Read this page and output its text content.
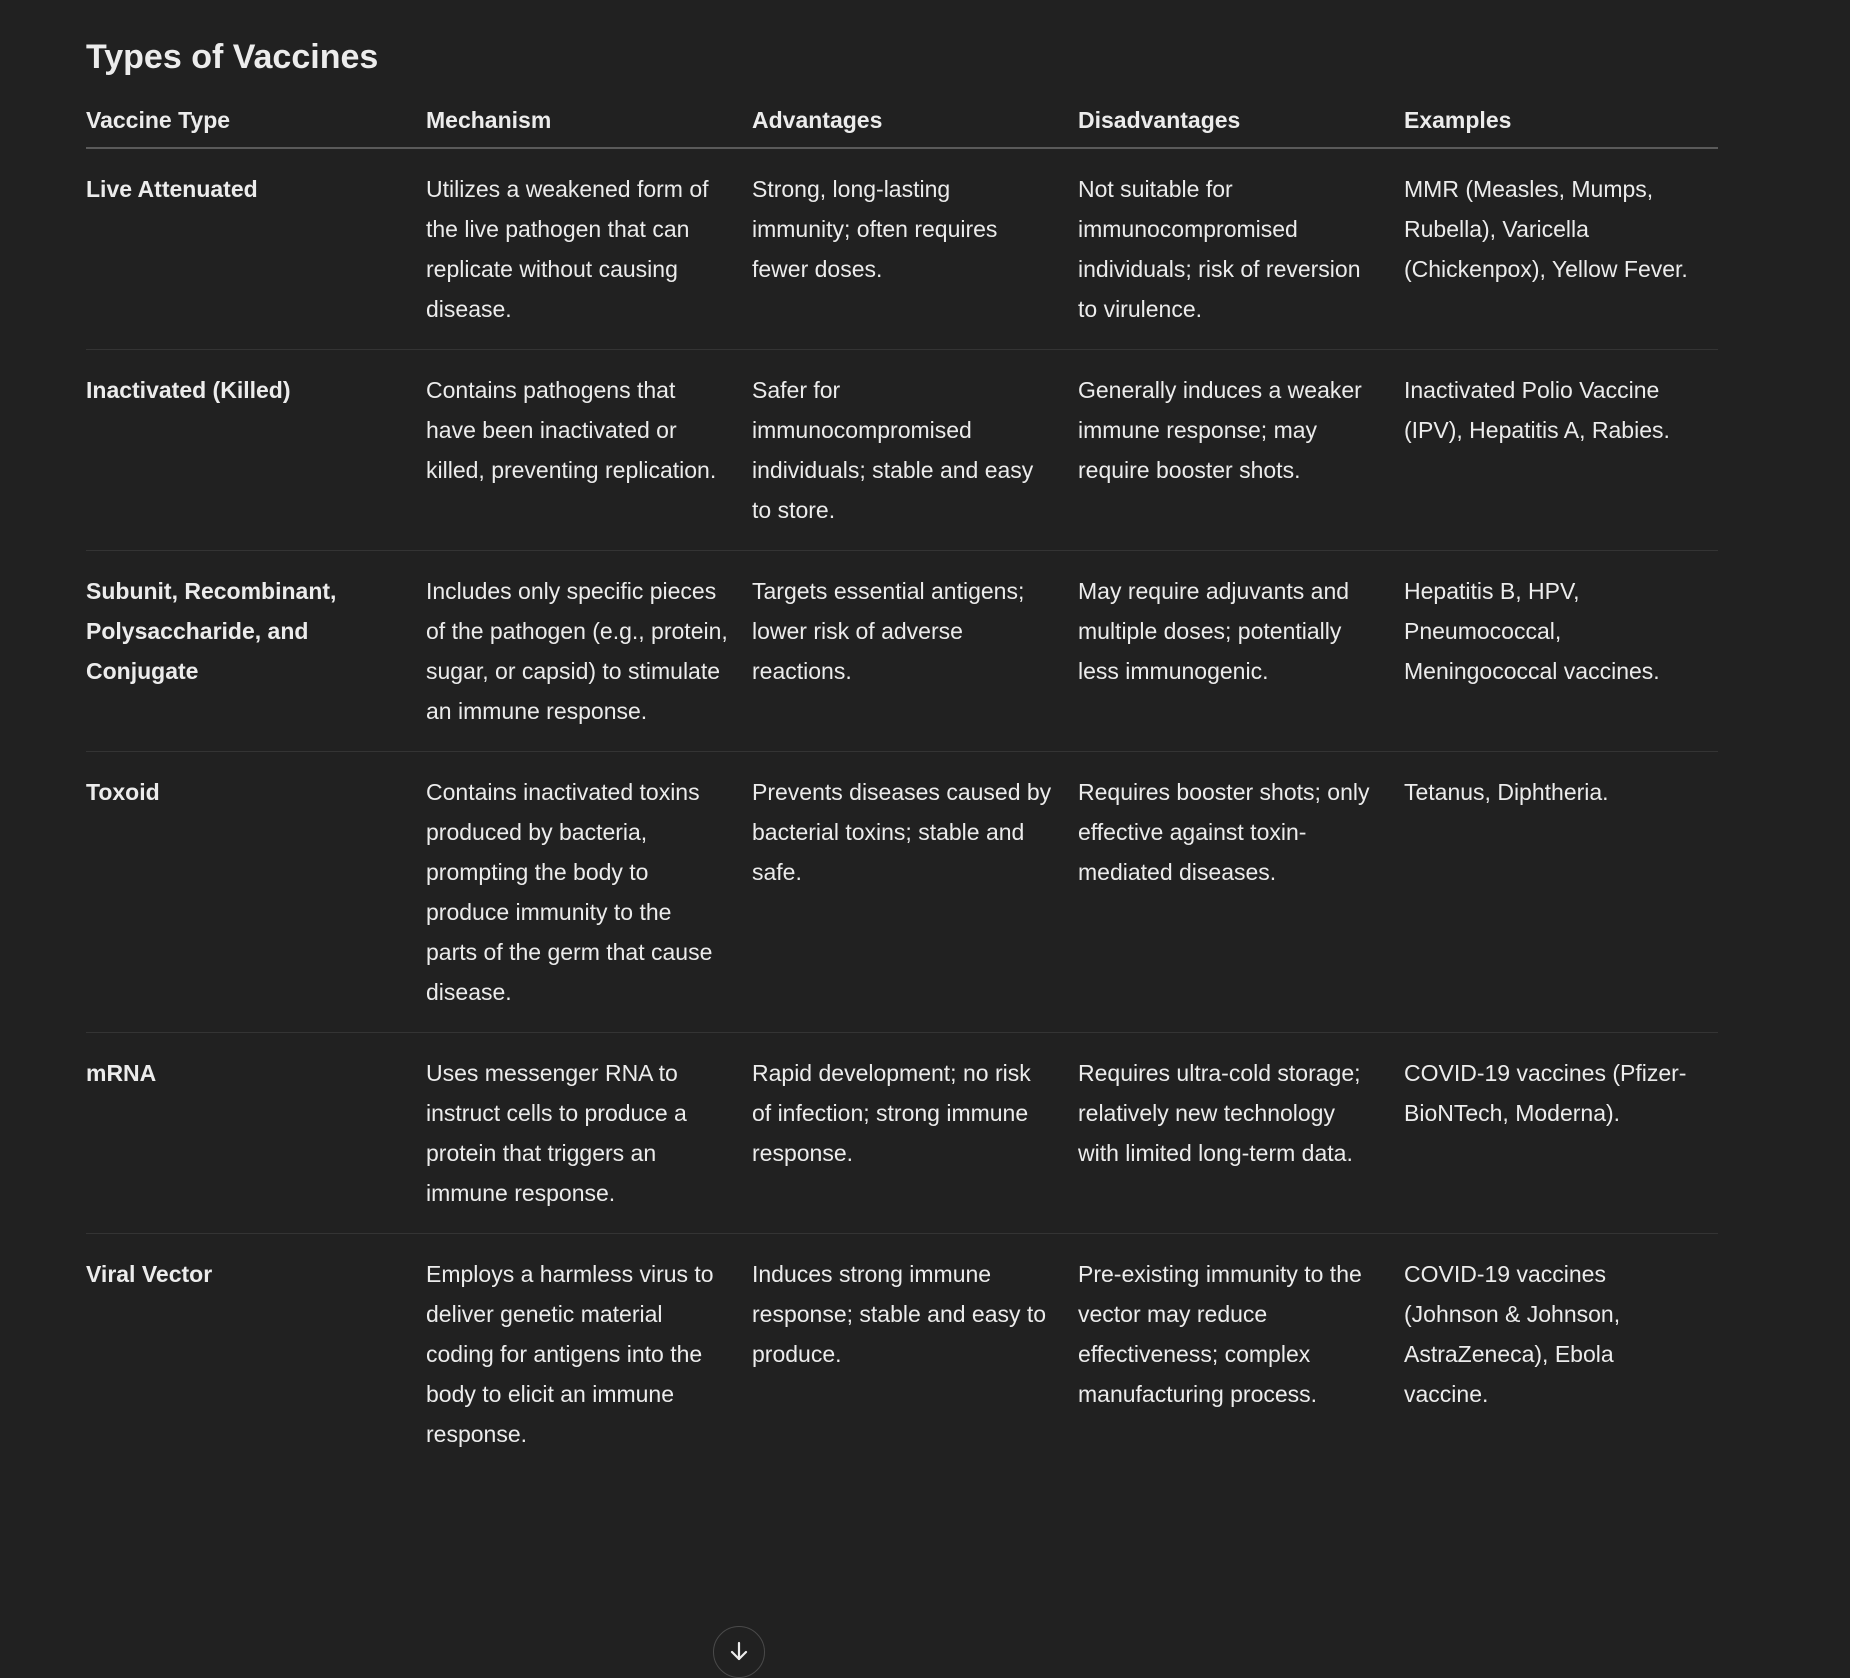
Types of Vaccines
Vaccine Type	Mechanism	Advantages	Disadvantages	Examples
Live Attenuated	Utilizes a weakened form of the live pathogen that can replicate without causing disease.	Strong, long-lasting immunity; often requires fewer doses.	Not suitable for immunocompromised individuals; risk of reversion to virulence.	MMR (Measles, Mumps, Rubella), Varicella (Chickenpox), Yellow Fever.
Inactivated (Killed)	Contains pathogens that have been inactivated or killed, preventing replication.	Safer for immunocompromised individuals; stable and easy to store.	Generally induces a weaker immune response; may require booster shots.	Inactivated Polio Vaccine (IPV), Hepatitis A, Rabies.
Subunit, Recombinant, Polysaccharide, and Conjugate	Includes only specific pieces of the pathogen (e.g., protein, sugar, or capsid) to stimulate an immune response.	Targets essential antigens; lower risk of adverse reactions.	May require adjuvants and multiple doses; potentially less immunogenic.	Hepatitis B, HPV, Pneumococcal, Meningococcal vaccines.
Toxoid	Contains inactivated toxins produced by bacteria, prompting the body to produce immunity to the parts of the germ that cause disease.	Prevents diseases caused by bacterial toxins; stable and safe.	Requires booster shots; only effective against toxin-mediated diseases.	Tetanus, Diphtheria.
mRNA	Uses messenger RNA to instruct cells to produce a protein that triggers an immune response.	Rapid development; no risk of infection; strong immune response.	Requires ultra-cold storage; relatively new technology with limited long-term data.	COVID-19 vaccines (Pfizer-BioNTech, Moderna).
Viral Vector	Employs a harmless virus to deliver genetic material coding for antigens into the body to elicit an immune response.	Induces strong immune response; stable and easy to produce.	Pre-existing immunity to the vector may reduce effectiveness; complex manufacturing process.	COVID-19 vaccines (Johnson & Johnson, AstraZeneca), Ebola vaccine.
